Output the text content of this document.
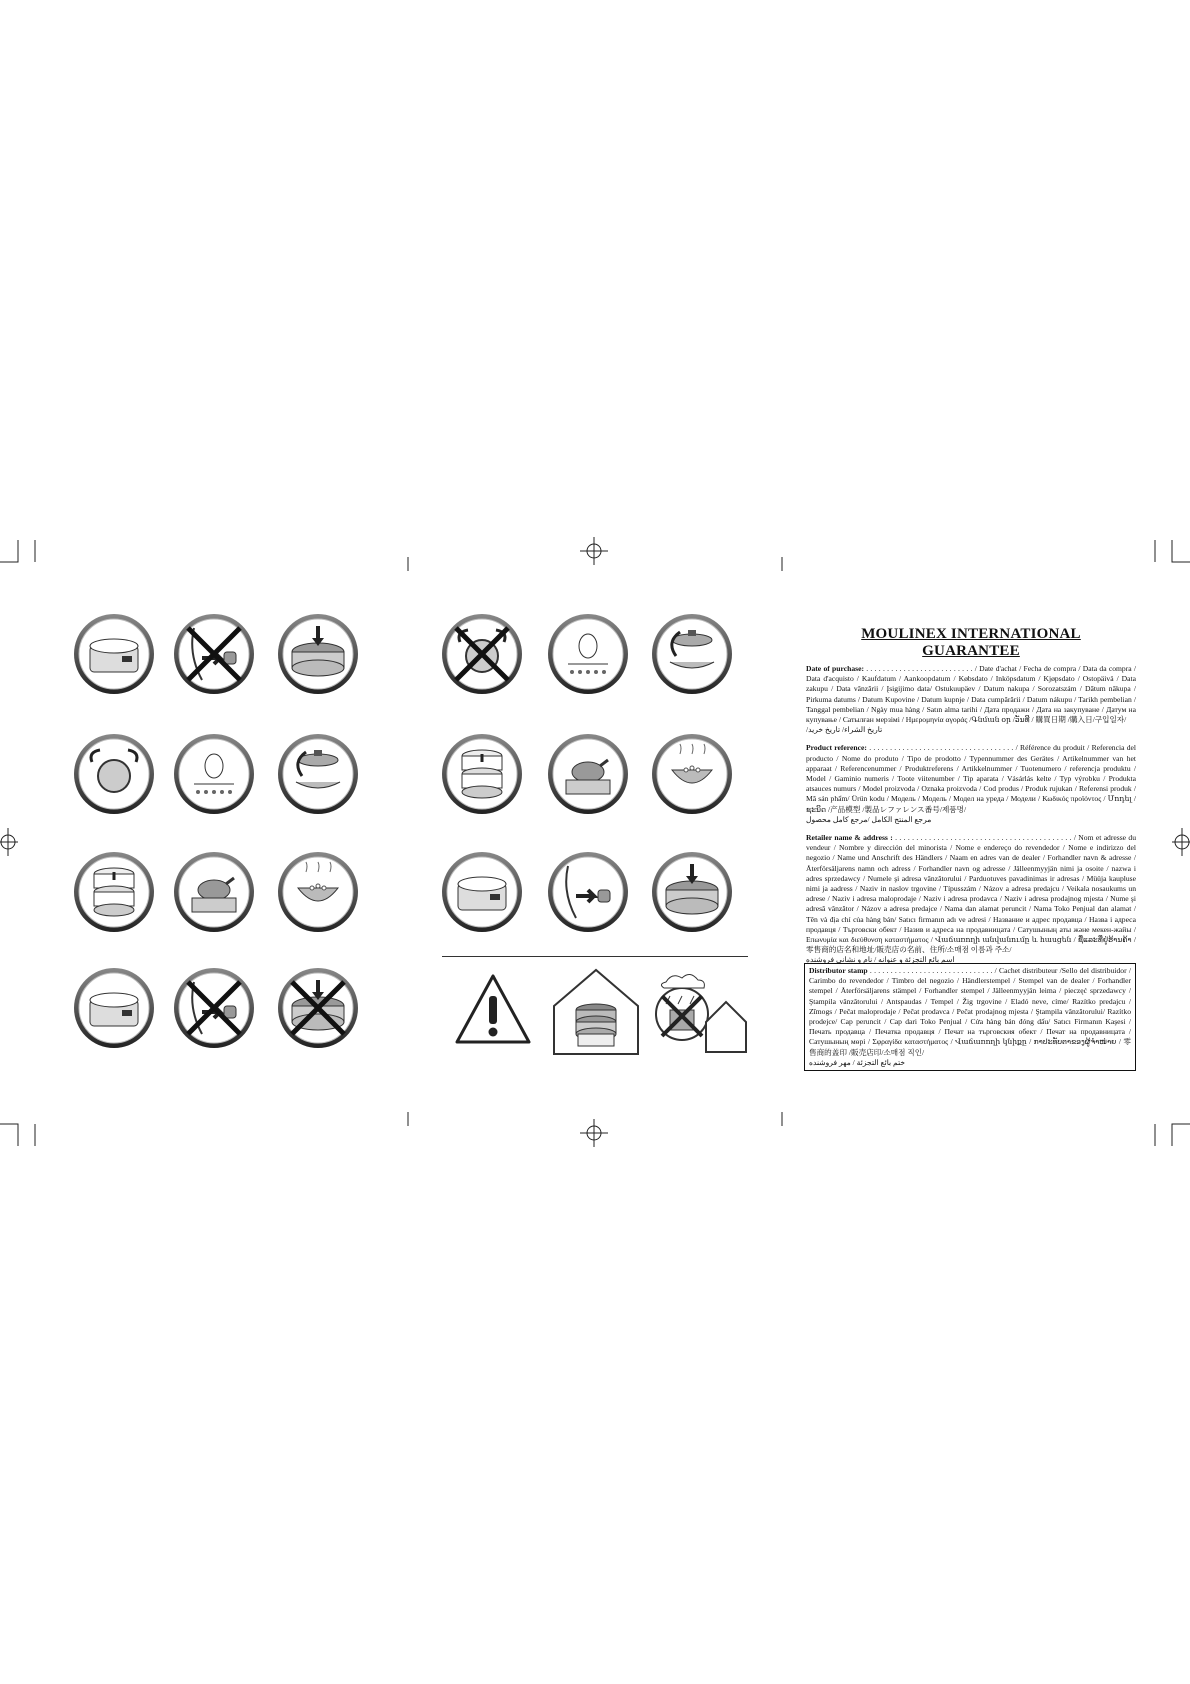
MOULINEX INTERNATIONAL
GUARANTEE
Date of purchase: . . . . . . . . . . . . . . . . . . . . . . . . . . / Date d'achat / Fecha de compra / Data da compra / Data d'acquisto / Kaufdatum / Aankoopdatum / Købsdato / Inköpsdatum / Kjøpsdato / Ostopäivä / Data zakupu / Data vânzării / Įsigijimo data/ Ostukuupäev / Datum nakupa / Sorozatszám / Dātum nākupa / Pirkuma datums / Datum Kupovine / Datum kupnje / Data cumpărării / Datum nákupu / Tarikh pembelian / Tanggal pembelian / Ngày mua hàng / Satın alma tarihi / Дата продажи / Дата на закупуване / Датум на купување / Сатылған мерзімі / Ημερομηνία αγοράς /Գնման օր /ວັນທີ / 購買日期 /購入日/구입일자/
تاريخ الشراء/ تاريخ خرید/
Product reference: . . . . . . . . . . . . . . . . . . . . . . . . . . . . . . . . . . . / Référence du produit / Referencia del producto / Nome do produto / Tipo de prodotto / Typennummer des Gerätes / Artikelnummer van het apparaat / Referencenummer / Produktreferens / Artikkelnummer / Tuotenumero / referencja produktu / Model / Gaminio numeris / Toote viitenumber / Tip aparata / Vásárlás kelte / Typ výrobku / Produkta atsauces numurs / Model proizvoda / Oznaka proizvoda / Cod produs / Produk rujukan / Referensi produk / Mã sản phẩm/ Ürün kodu / Модель / Модель / Модел на уреда / Модели / Κωδικός προϊόντος / Մոդել / ຊະນິດ /产品模型 /製品レファレンス番号/제품명/
مرجع المنتج الكامل /مرجع کامل محصول
Retailer name & address : . . . . . . . . . . . . . . . . . . . . . . . . . . . . . . . . . . . . . . . . . . / Nom et adresse du vendeur / Nombre y dirección del minorista / Nome e endereço do revendedor / Nome e indirizzo del negozio / Name und Anschrift des Händlers / Naam en adres van de dealer / Forhandler navn & adresse / Återförsäljarens namn och adress / Forhandler navn og adresse / Jälleenmyyjän nimi ja osoite / nazwa i adres sprzedawcy / Numele şi adresa vânzătorului / Parduotuves pavadinimas ir adresas / Müüja kaupluse nimi ja aadress / Naziv in naslov trgovine / Típusszám / Názov a adresa predajcu / Veikala nosaukums un adrese / Naziv i adresa maloprodaje / Naziv i adresa prodavca / Naziv i adresa prodajnog mjesta / Nume şi adresă vânzător / Názov a adresa predajce / Nama dan alamat peruncit / Nama Toko Penjual dan alamat / Tên và địa chỉ của hàng bán/ Satıcı firmanın adı ve adresi / Название и адрес продавца / Назва і адреса продавця / Търговски обект / Назив и адреса на продавницата / Сатушының аты және мекен-жайы / Επωνυμία και διεύθυνση καταστήματος / Վաճառողի անվանումը և հասցեն / ຊື່ແລະທີ່ຢູ່ຮ້ານຄ້າ /零售商的店名和地址/販売店の名前、住所/소매점 이름과 주소/
اسم بائع التجزئة و عنوانه / نام و نشانی فروشنده
Distributor stamp . . . . . . . . . . . . . . . . . . . . . . . . . . . . . . / Cachet distributeur /Sello del distribuidor / Carimbo do revendedor / Timbro del negozio / Händlerstempel / Stempel van de dealer / Forhandler stempel / Återförsäljarens stämpel / Forhandler stempel / Jälleenmyyjän leima / pieczęć sprzedawcy / Ştampila vânzătorului / Antspaudas / Tempel / Žig trgovine / Eladó neve, címe/ Razítko predajcu / Zīmogs / Pečat maloprodaje / Pečat prodavca / Pečat prodajnog mjesta / Ştampila vânzătorului/ Razítko prodejce/ Cap peruncit / Cap dari Toko Penjual / Cửa hàng bán đóng dấu/ Satıcı Firmanın Kaşesi / Печать продавца / Печатка продавця / Печат на търговския обект / Печат на продавницата / Сатушының мөрі / Σφραγίδα καταστήματος / Վաճառողի կնիքը / ກາປະທັບຕາຂອງຜູ້ຈຳໜ່າຍ / 零售商的盖印 /販売店印/소매점 직인/
ختم بائع التجزئة / مهر فروشنده
